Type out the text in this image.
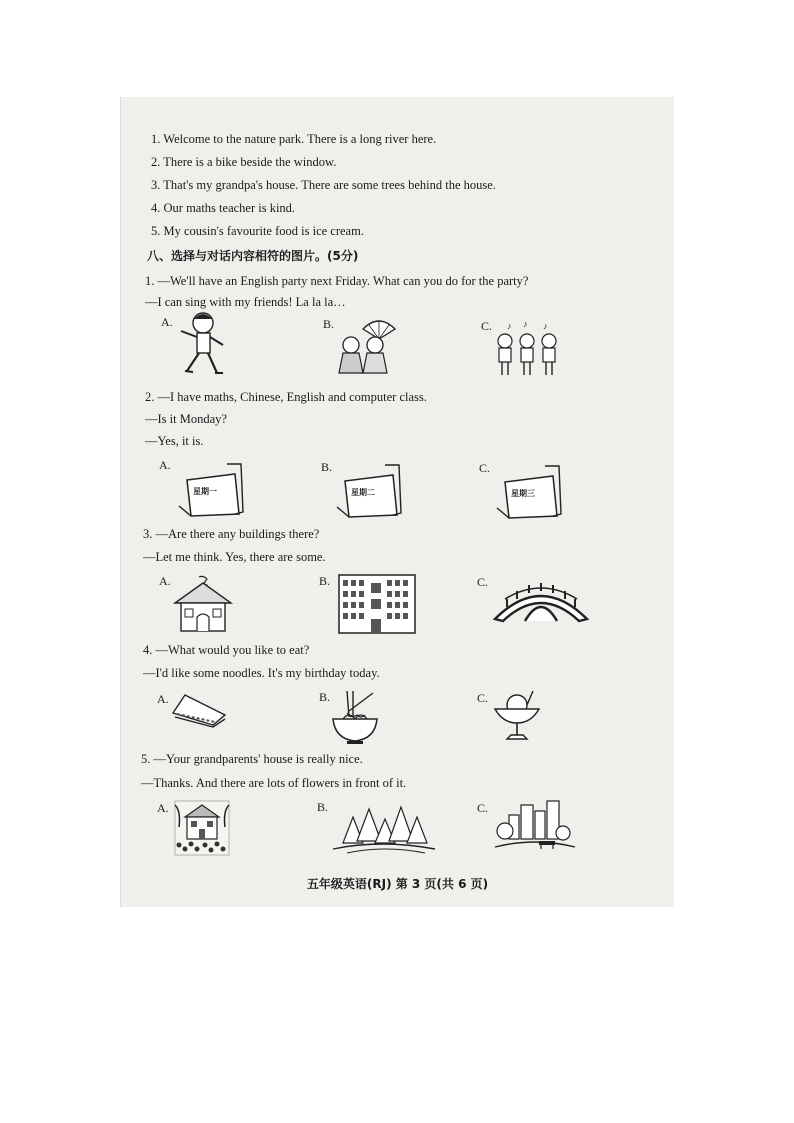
1. Welcome to the nature park. There is a long river here.
2. There is a bike beside the window.
3. That's my grandpa's house. There are some trees behind the house.
4. Our maths teacher is kind.
5. My cousin's favourite food is ice cream.
八、选择与对话内容相符的图片。(5分)
1. —We'll have an English party next Friday. What can you do for the party?
—I can sing with my friends! La la la…
A.	B.	C. ♪ ♪ ♪
2. —I have maths, Chinese, English and computer class.
—Is it Monday?
—Yes, it is.
A.	B.	C.
星期一	星期二	星期三
3. —Are there any buildings there?
—Let me think. Yes, there are some.
A.	B.	C.
4. —What would you like to eat?
—I'd like some noodles. It's my birthday today.
A.	B.	C.
5. —Your grandparents' house is really nice.
—Thanks. And there are lots of flowers in front of it.
A.	B.	C.
五年级英语(RJ) 第 3 页(共 6 页)
